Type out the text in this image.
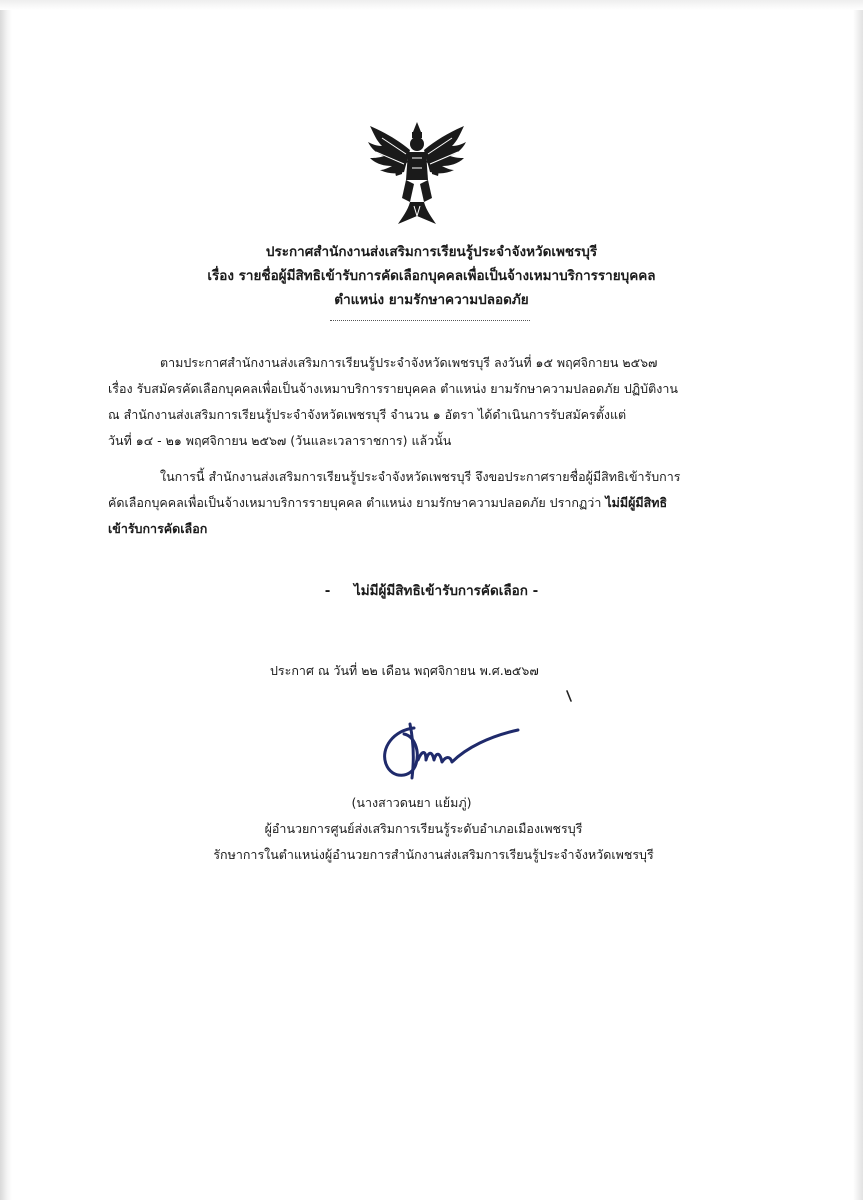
ประกาศสำนักงานส่งเสริมการเรียนรู้ประจำจังหวัดเพชรบุรี
เรื่อง รายชื่อผู้มีสิทธิเข้ารับการคัดเลือกบุคคลเพื่อเป็นจ้างเหมาบริการรายบุคคล
ตำแหน่ง ยามรักษาความปลอดภัย
ตามประกาศสำนักงานส่งเสริมการเรียนรู้ประจำจังหวัดเพชรบุรี ลงวันที่ ๑๕ พฤศจิกายน ๒๕๖๗
เรื่อง รับสมัครคัดเลือกบุคคลเพื่อเป็นจ้างเหมาบริการรายบุคคล ตำแหน่ง ยามรักษาความปลอดภัย ปฏิบัติงาน
ณ สำนักงานส่งเสริมการเรียนรู้ประจำจังหวัดเพชรบุรี จำนวน ๑ อัตรา ได้ดำเนินการรับสมัครตั้งแต่
วันที่ ๑๔ - ๒๑ พฤศจิกายน ๒๕๖๗ (วันและเวลาราชการ) แล้วนั้น
ในการนี้ สำนักงานส่งเสริมการเรียนรู้ประจำจังหวัดเพชรบุรี จึงขอประกาศรายชื่อผู้มีสิทธิเข้ารับการ
คัดเลือกบุคคลเพื่อเป็นจ้างเหมาบริการรายบุคคล ตำแหน่ง ยามรักษาความปลอดภัย ปรากฏว่า ไม่มีผู้มีสิทธิ
เข้ารับการคัดเลือก
- ไม่มีผู้มีสิทธิเข้ารับการคัดเลือก -
ประกาศ ณ วันที่ ๒๒ เดือน พฤศจิกายน พ.ศ.๒๕๖๗
(นางสาวดนยา แย้มภู่)
ผู้อำนวยการศูนย์ส่งเสริมการเรียนรู้ระดับอำเภอเมืองเพชรบุรี
รักษาการในตำแหน่งผู้อำนวยการสำนักงานส่งเสริมการเรียนรู้ประจำจังหวัดเพชรบุรี
